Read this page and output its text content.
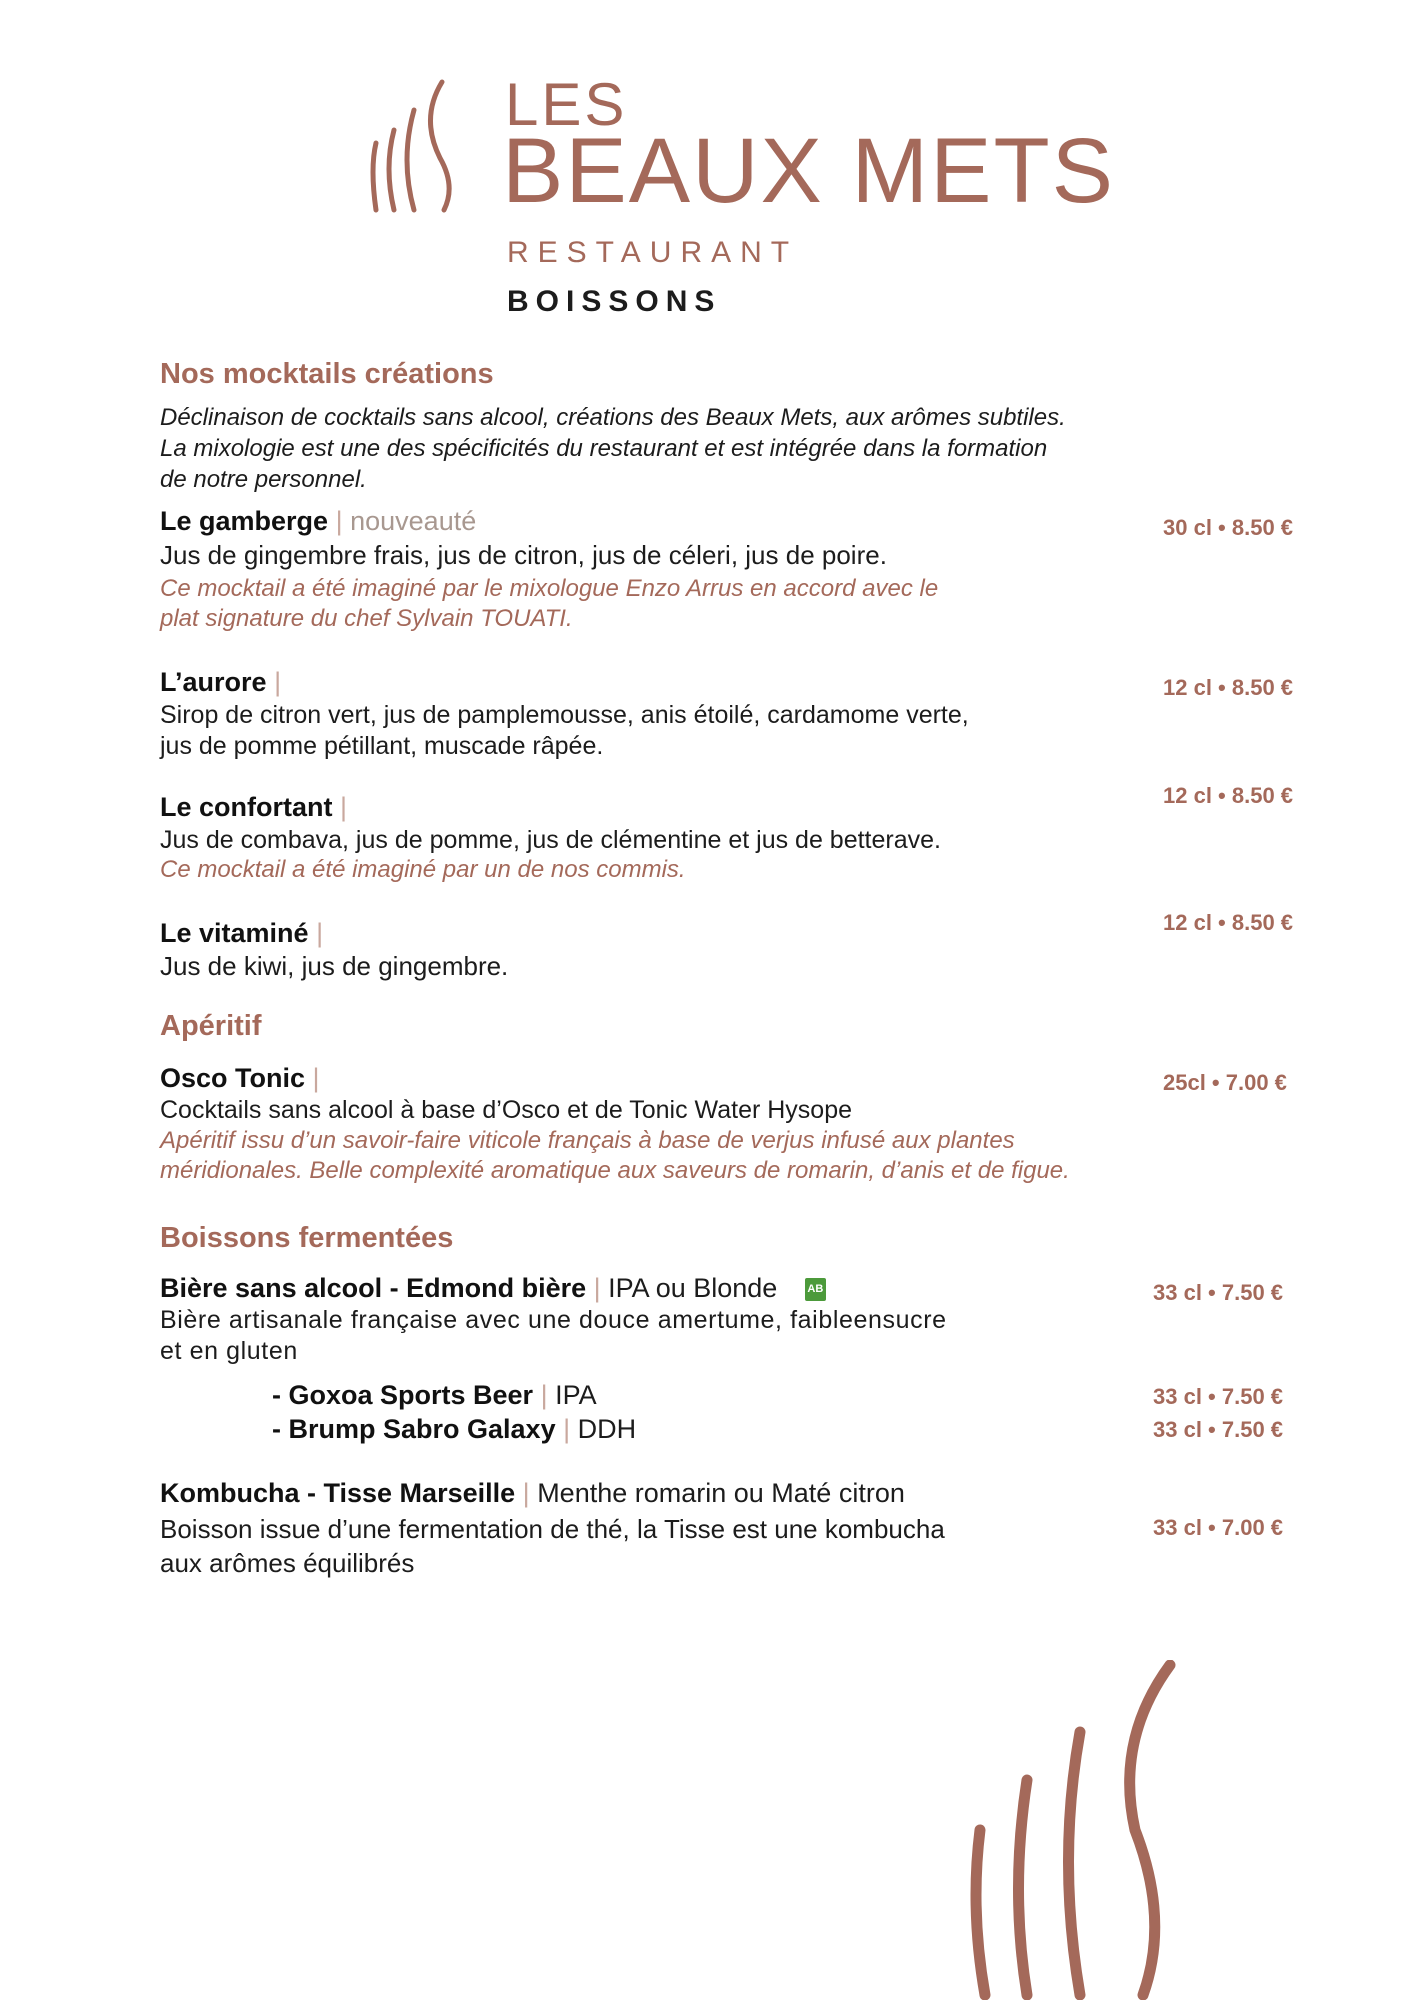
LES
BEAUX METS
RESTAURANT
BOISSONS
Nos mocktails créations
Déclinaison de cocktails sans alcool, créations des Beaux Mets, aux arômes subtiles.
La mixologie est une des spécificités du restaurant et est intégrée dans la formation
de notre personnel.
Le gamberge | nouveauté	30 cl • 8.50 €
Jus de gingembre frais, jus de citron, jus de céleri, jus de poire.
Ce mocktail a été imaginé par le mixologue Enzo Arrus en accord avec le
plat signature du chef Sylvain TOUATI.
L’aurore |	12 cl • 8.50 €
Sirop de citron vert, jus de pamplemousse, anis étoilé, cardamome verte,
jus de pomme pétillant, muscade râpée.
Le confortant |	12 cl • 8.50 €
Jus de combava, jus de pomme, jus de clémentine et jus de betterave.
Ce mocktail a été imaginé par un de nos commis.
Le vitaminé |	12 cl • 8.50 €
Jus de kiwi, jus de gingembre.
Apéritif
Osco Tonic |	25cl • 7.00 €
Cocktails sans alcool à base d’Osco et de Tonic Water Hysope
Apéritif issu d’un savoir-faire viticole français à base de verjus infusé aux plantes
méridionales. Belle complexité aromatique aux saveurs de romarin, d’anis et de figue.
Boissons fermentées
Bière sans alcool - Edmond bière | IPA ou Blonde	AB	33 cl • 7.50 €
Bière artisanale française avec une douce amertume, faibleensucre
et en gluten
- Goxoa Sports Beer | IPA	33 cl • 7.50 €
- Brump Sabro Galaxy | DDH	33 cl • 7.50 €
Kombucha - Tisse Marseille | Menthe romarin ou Maté citron
33 cl • 7.00 €
Boisson issue d’une fermentation de thé, la Tisse est une kombucha
aux arômes équilibrés
